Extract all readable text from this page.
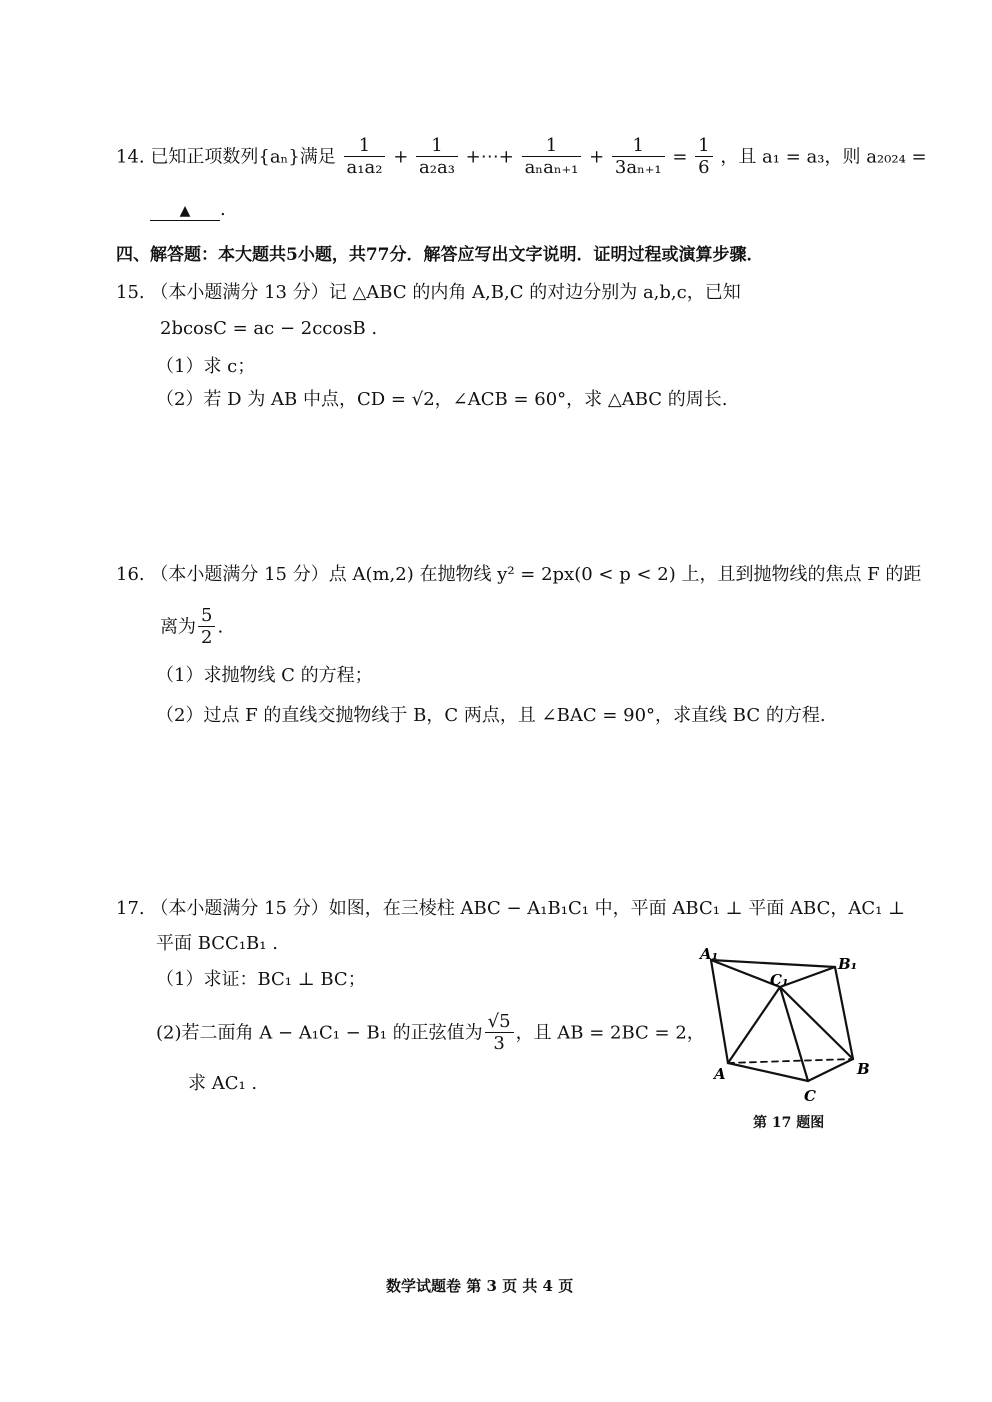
14. 已知正项数列{aₙ}满足 $\frac{1}{\text{a₁a₂}} + \frac{1}{\text{a₂a₃}}$ +⋯+ $\frac{1}{\text{aₙaₙ₊₁}} + \frac{1}{\text{3aₙ₊₁}} = \frac{1}{6}$ ，且 a₁ = a₃，则 a₂₀₂₄ =
▲ .
四、解答题：本大题共5小题，共77分．解答应写出文字说明．证明过程或演算步骤．
15. （本小题满分 13 分）记 △ABC 的内角 A,B,C 的对边分别为 a,b,c，已知
2bcosC = ac − 2ccosB .
（1）求 c；
（2）若 D 为 AB 中点，CD = √2，∠ACB = 60°，求 △ABC 的周长.
16. （本小题满分 15 分）点 A(m,2) 在抛物线 y² = 2px(0 < p < 2) 上，且到抛物线的焦点 F 的距
离为 $\frac{5}{2}$ .
（1）求抛物线 C 的方程；
（2）过点 F 的直线交抛物线于 B，C 两点，且 ∠BAC = 90°，求直线 BC 的方程.
17. （本小题满分 15 分）如图，在三棱柱 ABC − A₁B₁C₁ 中，平面 ABC₁ ⊥ 平面 ABC，AC₁ ⊥
平面 BCC₁B₁ .
（1）求证：BC₁ ⊥ BC；
(2)若二面角 A − A₁C₁ − B₁ 的正弦值为 $\frac{√5}{3}$ ，且 AB = 2BC = 2，
求 AC₁ .
A₁
B₁
C₁
A	B
C
第 17 题图
数学试题卷 第 3 页 共 4 页
